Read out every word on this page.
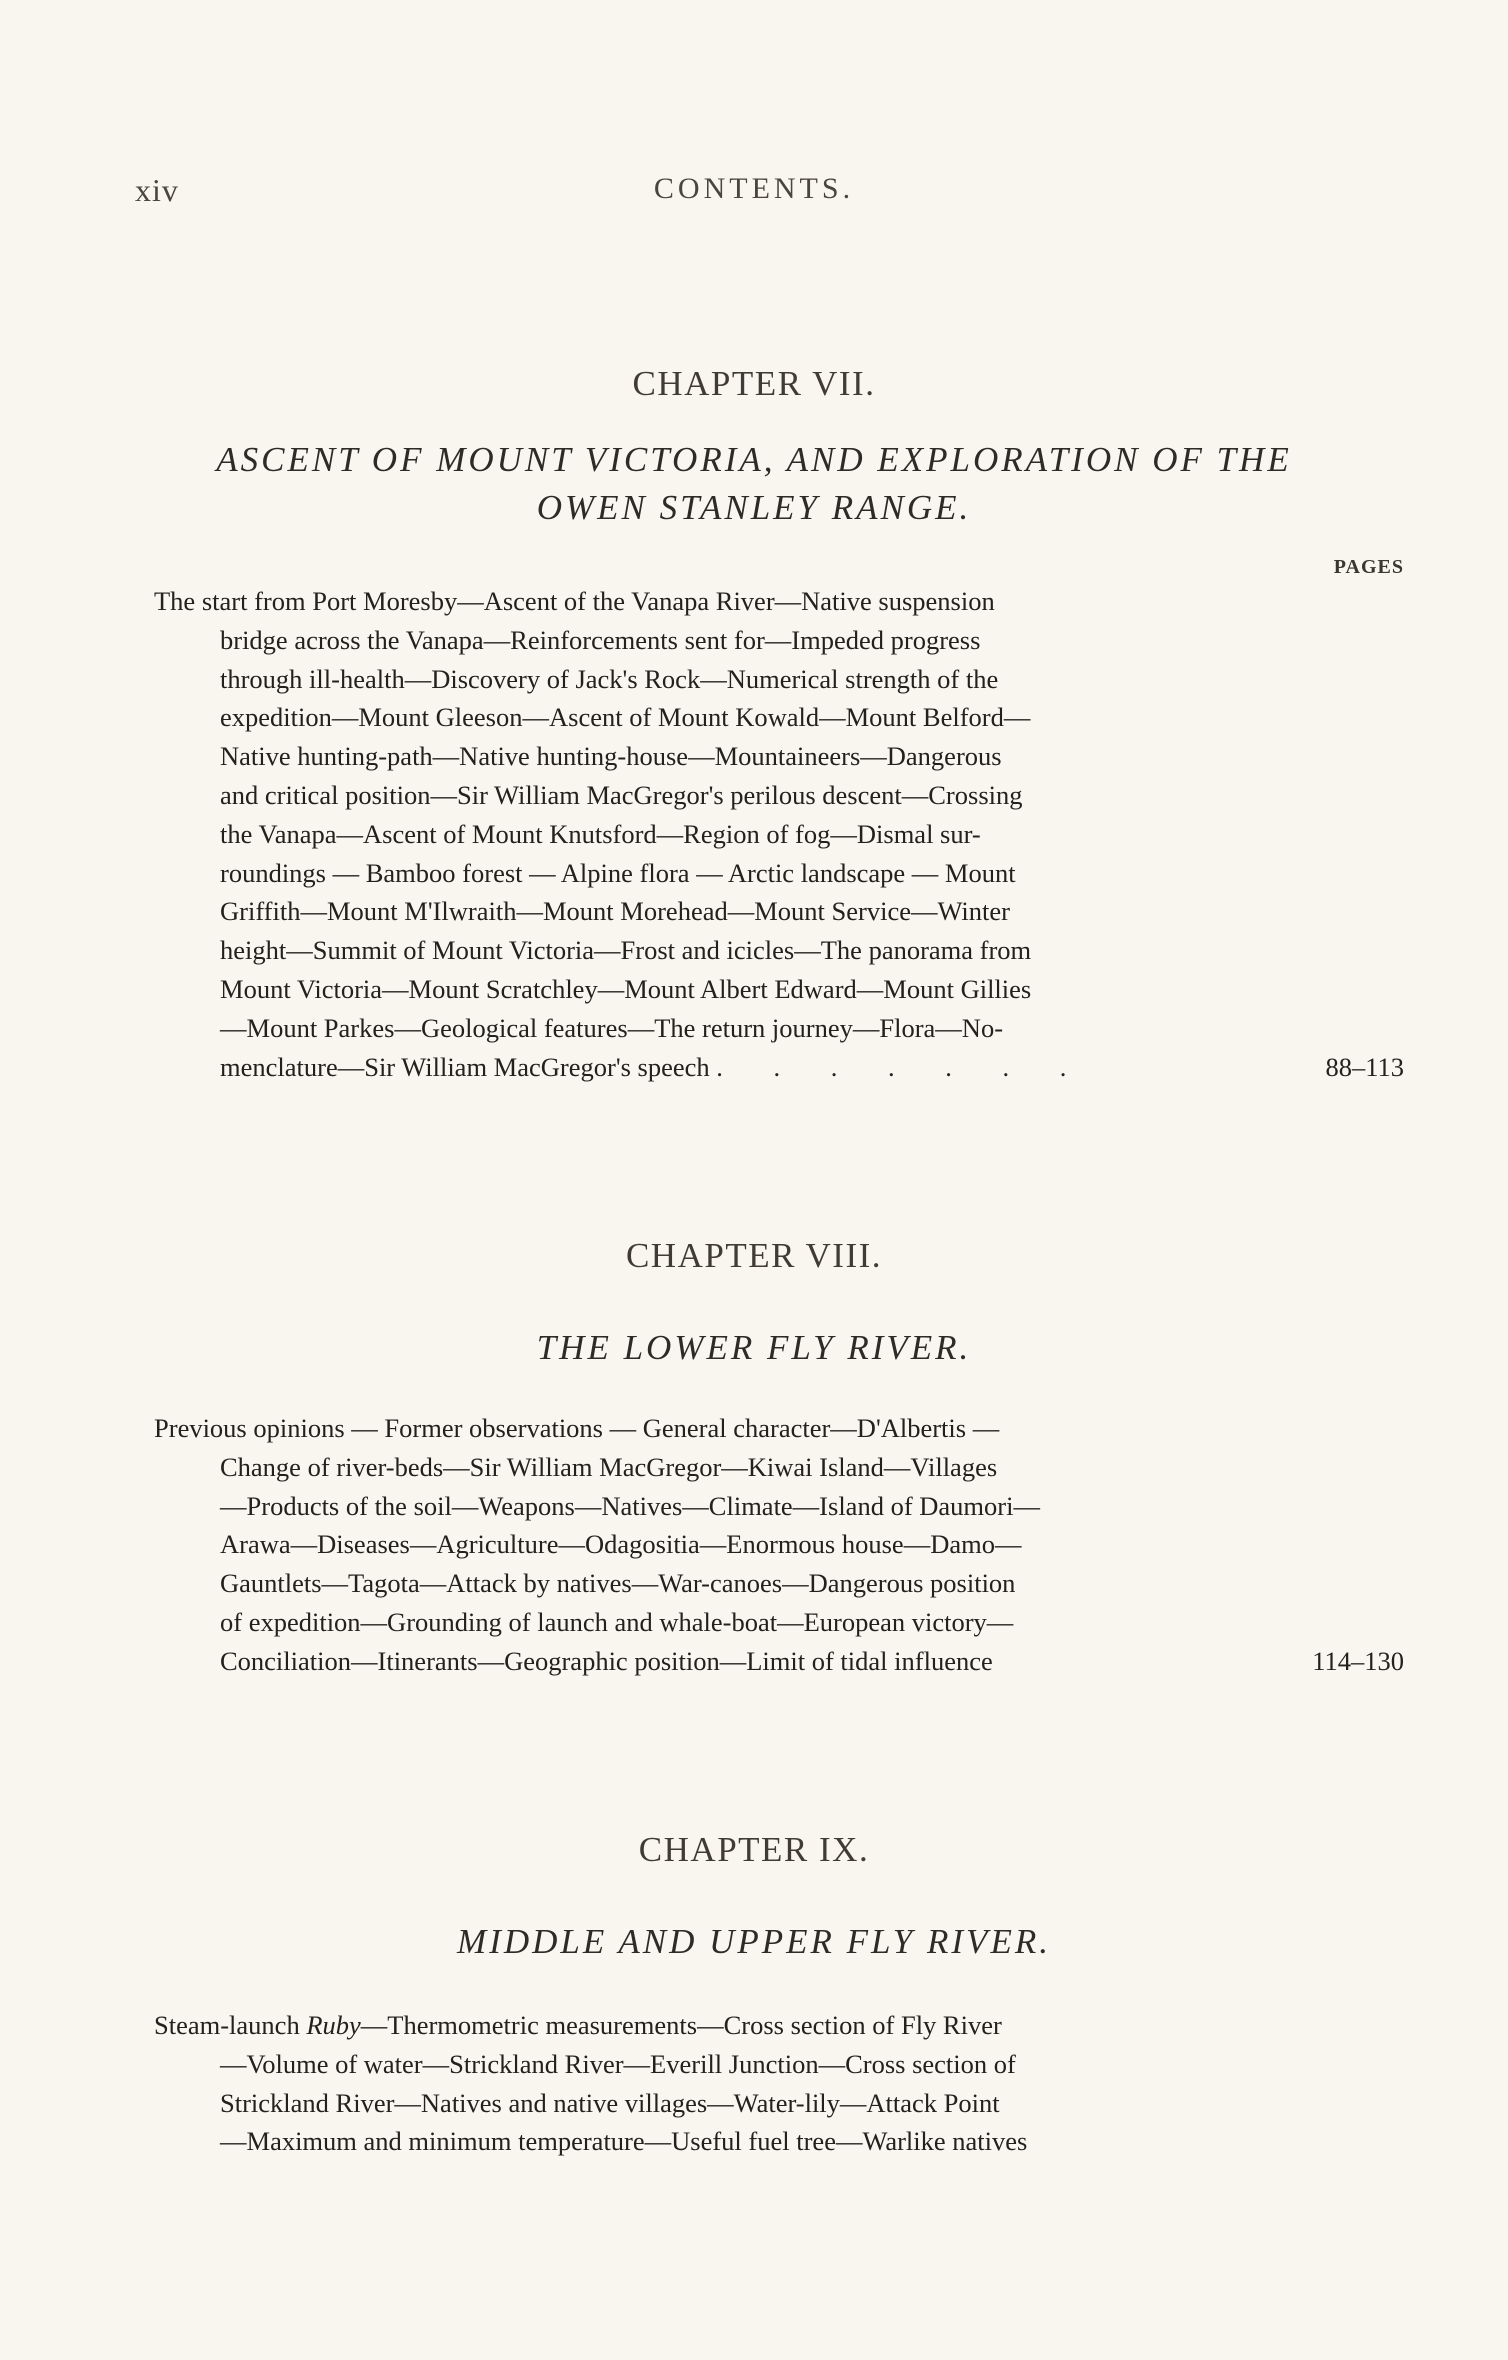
xiv	CONTENTS.
CHAPTER VII.
ASCENT OF MOUNT VICTORIA, AND EXPLORATION OF THE
OWEN STANLEY RANGE.
PAGES
The start from Port Moresby—Ascent of the Vanapa River—Native suspension
bridge across the Vanapa—Reinforcements sent for—Impeded progress
through ill-health—Discovery of Jack's Rock—Numerical strength of the
expedition—Mount Gleeson—Ascent of Mount Kowald—Mount Belford—
Native hunting-path—Native hunting-house—Mountaineers—Dangerous
and critical position—Sir William MacGregor's perilous descent—Crossing
the Vanapa—Ascent of Mount Knutsford—Region of fog—Dismal sur-
roundings — Bamboo forest — Alpine flora — Arctic landscape — Mount
Griffith—Mount M'Ilwraith—Mount Morehead—Mount Service—Winter
height—Summit of Mount Victoria—Frost and icicles—The panorama from
Mount Victoria—Mount Scratchley—Mount Albert Edward—Mount Gillies
—Mount Parkes—Geological features—The return journey—Flora—No-
menclature—Sir William MacGregor's speech . . . . . . .	88–113
CHAPTER VIII.
THE LOWER FLY RIVER.
Previous opinions — Former observations — General character—D'Albertis —
Change of river-beds—Sir William MacGregor—Kiwai Island—Villages
—Products of the soil—Weapons—Natives—Climate—Island of Daumori—
Arawa—Diseases—Agriculture—Odagositia—Enormous house—Damo—
Gauntlets—Tagota—Attack by natives—War-canoes—Dangerous position
of expedition—Grounding of launch and whale-boat—European victory—
Conciliation—Itinerants—Geographic position—Limit of tidal influence	114–130
CHAPTER IX.
MIDDLE AND UPPER FLY RIVER.
Steam-launch Ruby—Thermometric measurements—Cross section of Fly River
—Volume of water—Strickland River—Everill Junction—Cross section of
Strickland River—Natives and native villages—Water-lily—Attack Point
—Maximum and minimum temperature—Useful fuel tree—Warlike natives
